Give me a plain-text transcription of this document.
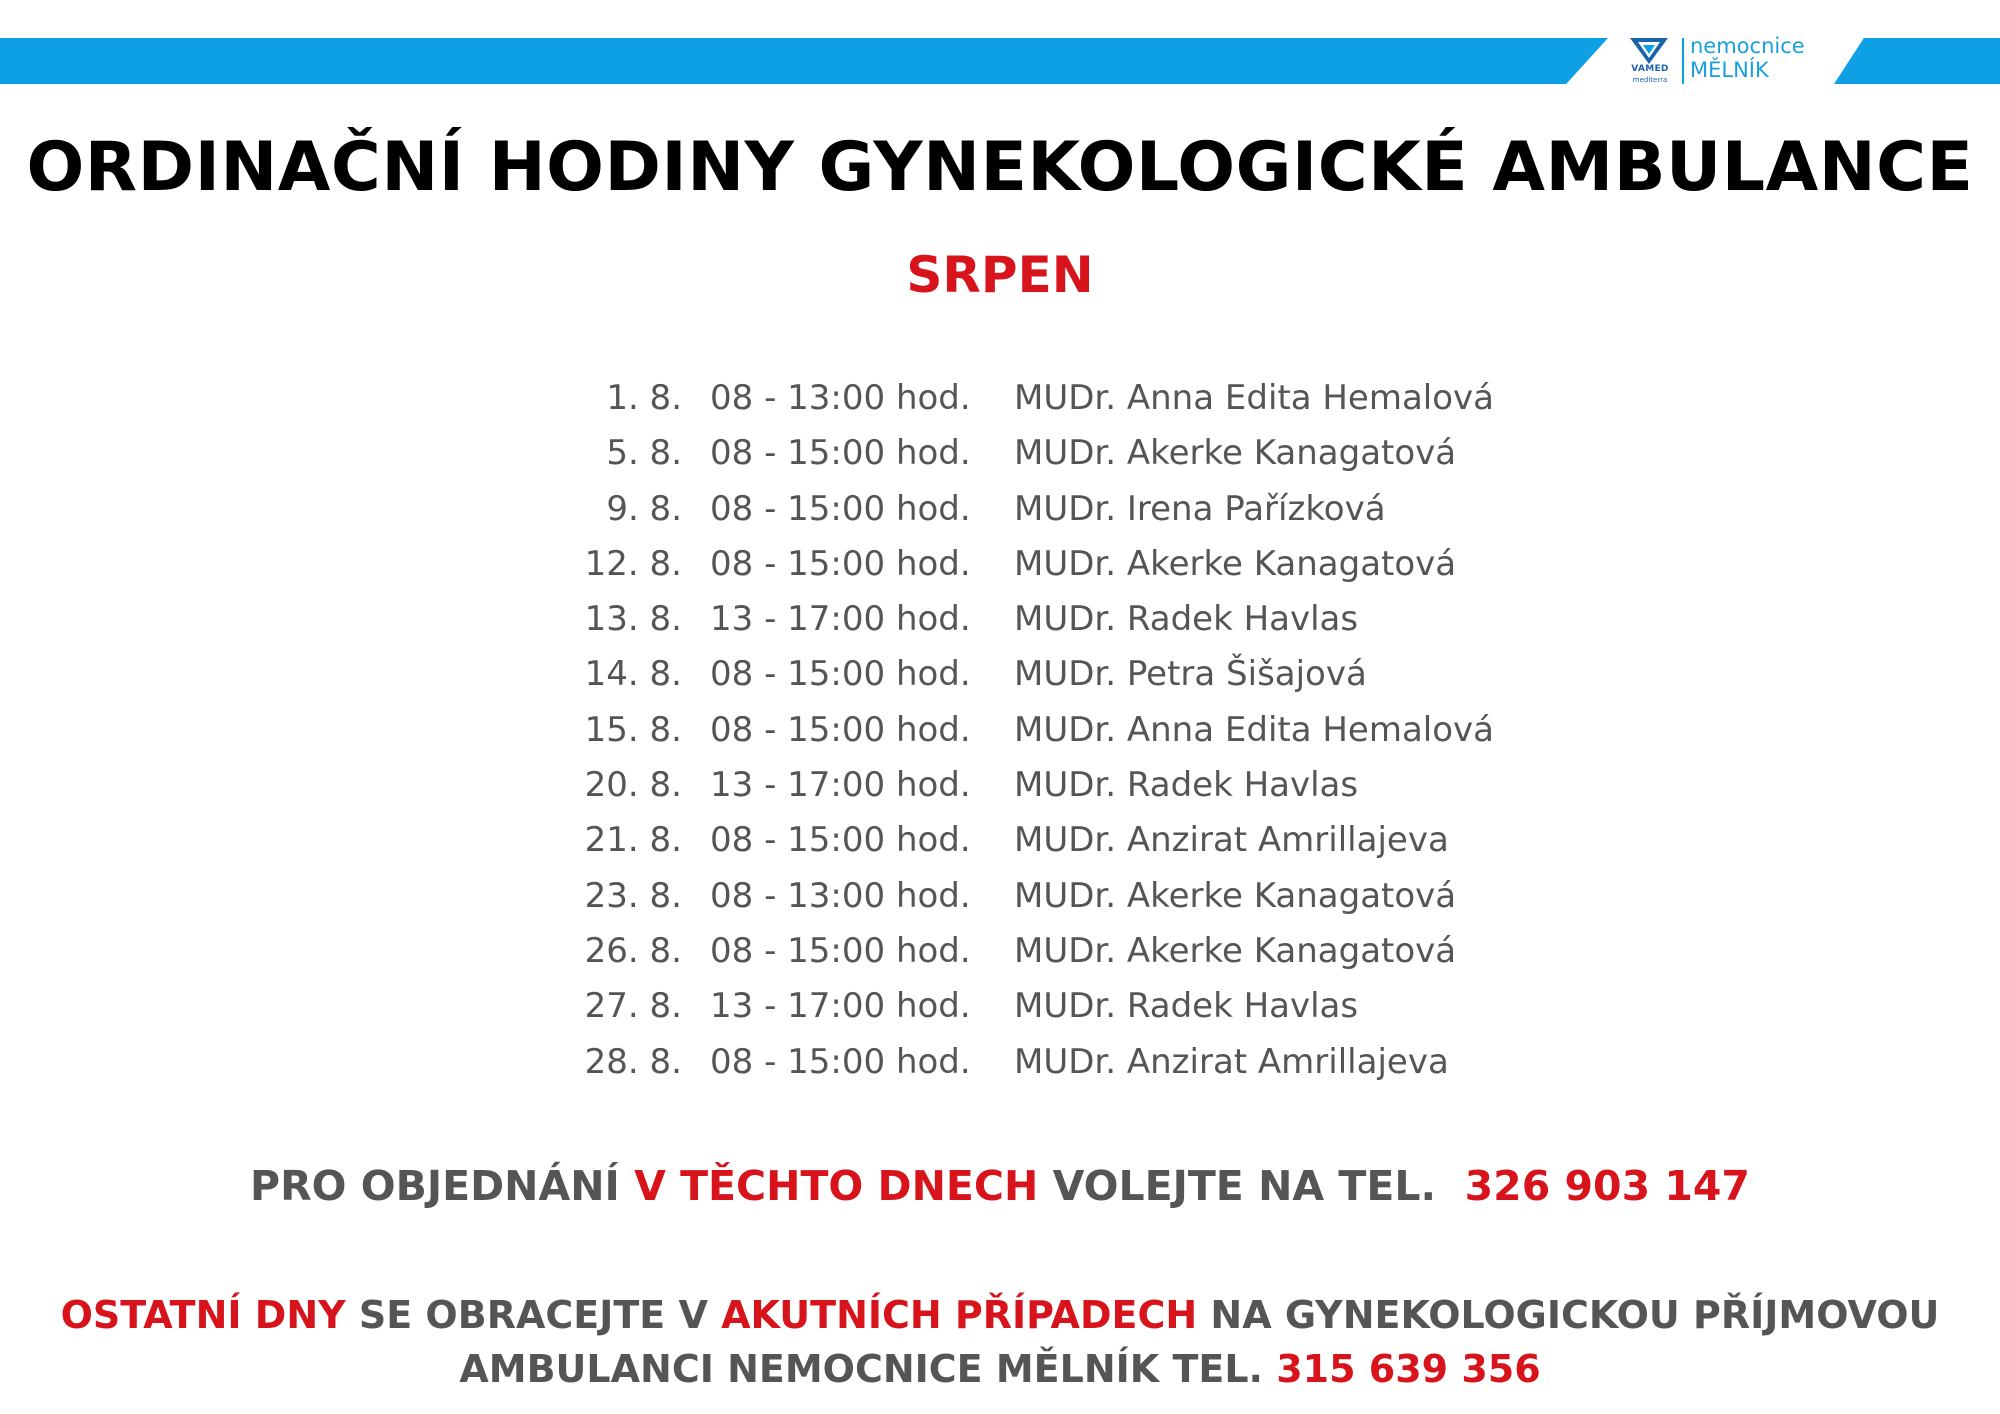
VAMED
mediterra
nemocnice
MĚLNÍK
ORDINAČNÍ HODINY GYNEKOLOGICKÉ AMBULANCE
SRPEN
1. 8. 08 - 13:00 hod. MUDr. Anna Edita Hemalová
5. 8. 08 - 15:00 hod. MUDr. Akerke Kanagatová
9. 8. 08 - 15:00 hod. MUDr. Irena Pařízková
12. 8. 08 - 15:00 hod. MUDr. Akerke Kanagatová
13. 8. 13 - 17:00 hod. MUDr. Radek Havlas
14. 8. 08 - 15:00 hod. MUDr. Petra Šišajová
15. 8. 08 - 15:00 hod. MUDr. Anna Edita Hemalová
20. 8. 13 - 17:00 hod. MUDr. Radek Havlas
21. 8. 08 - 15:00 hod. MUDr. Anzirat Amrillajeva
23. 8. 08 - 13:00 hod. MUDr. Akerke Kanagatová
26. 8. 08 - 15:00 hod. MUDr. Akerke Kanagatová
27. 8. 13 - 17:00 hod. MUDr. Radek Havlas
28. 8. 08 - 15:00 hod. MUDr. Anzirat Amrillajeva
PRO OBJEDNÁNÍ V TĚCHTO DNECH VOLEJTE NA TEL. 326 903 147
OSTATNÍ DNY SE OBRACEJTE V AKUTNÍCH PŘÍPADECH NA GYNEKOLOGICKOU PŘÍJMOVOU
AMBULANCI NEMOCNICE MĚLNÍK TEL. 315 639 356
